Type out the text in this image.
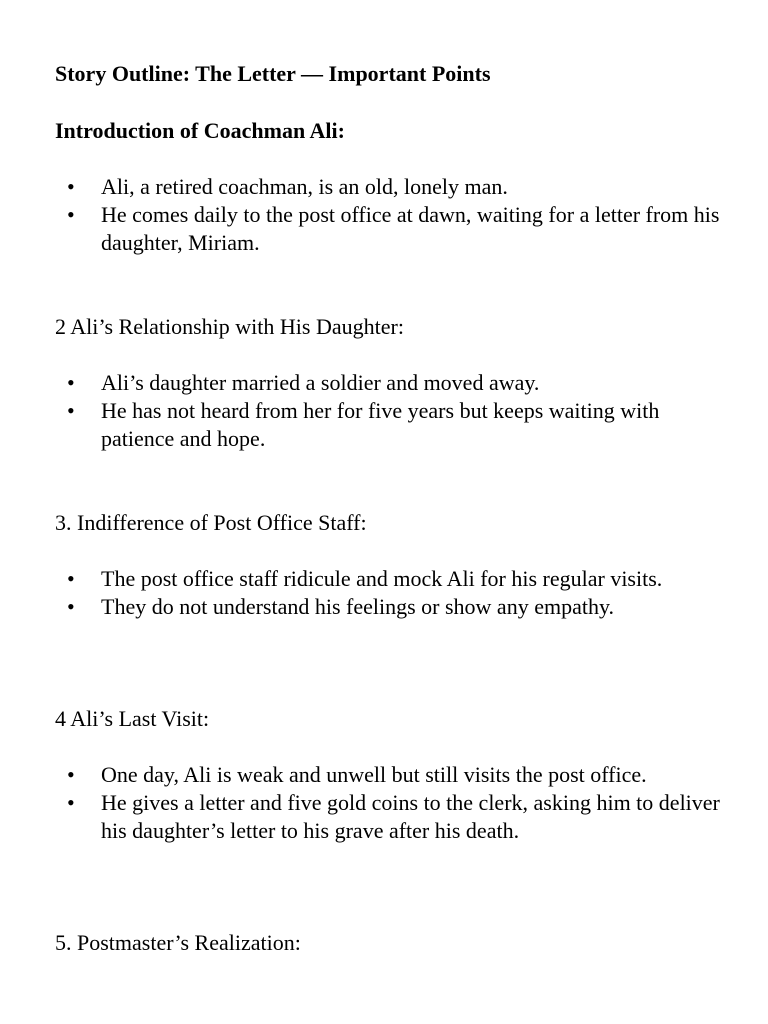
Story Outline: The Letter — Important Points
Introduction of Coachman Ali:
• Ali, a retired coachman, is an old, lonely man.
• He comes daily to the post office at dawn, waiting for a letter from his daughter, Miriam.
2 Ali’s Relationship with His Daughter:
• Ali’s daughter married a soldier and moved away.
• He has not heard from her for five years but keeps waiting with patience and hope.
3. Indifference of Post Office Staff:
• The post office staff ridicule and mock Ali for his regular visits.
• They do not understand his feelings or show any empathy.
4 Ali’s Last Visit:
• One day, Ali is weak and unwell but still visits the post office.
• He gives a letter and five gold coins to the clerk, asking him to deliver his daughter’s letter to his grave after his death.
5. Postmaster’s Realization:
